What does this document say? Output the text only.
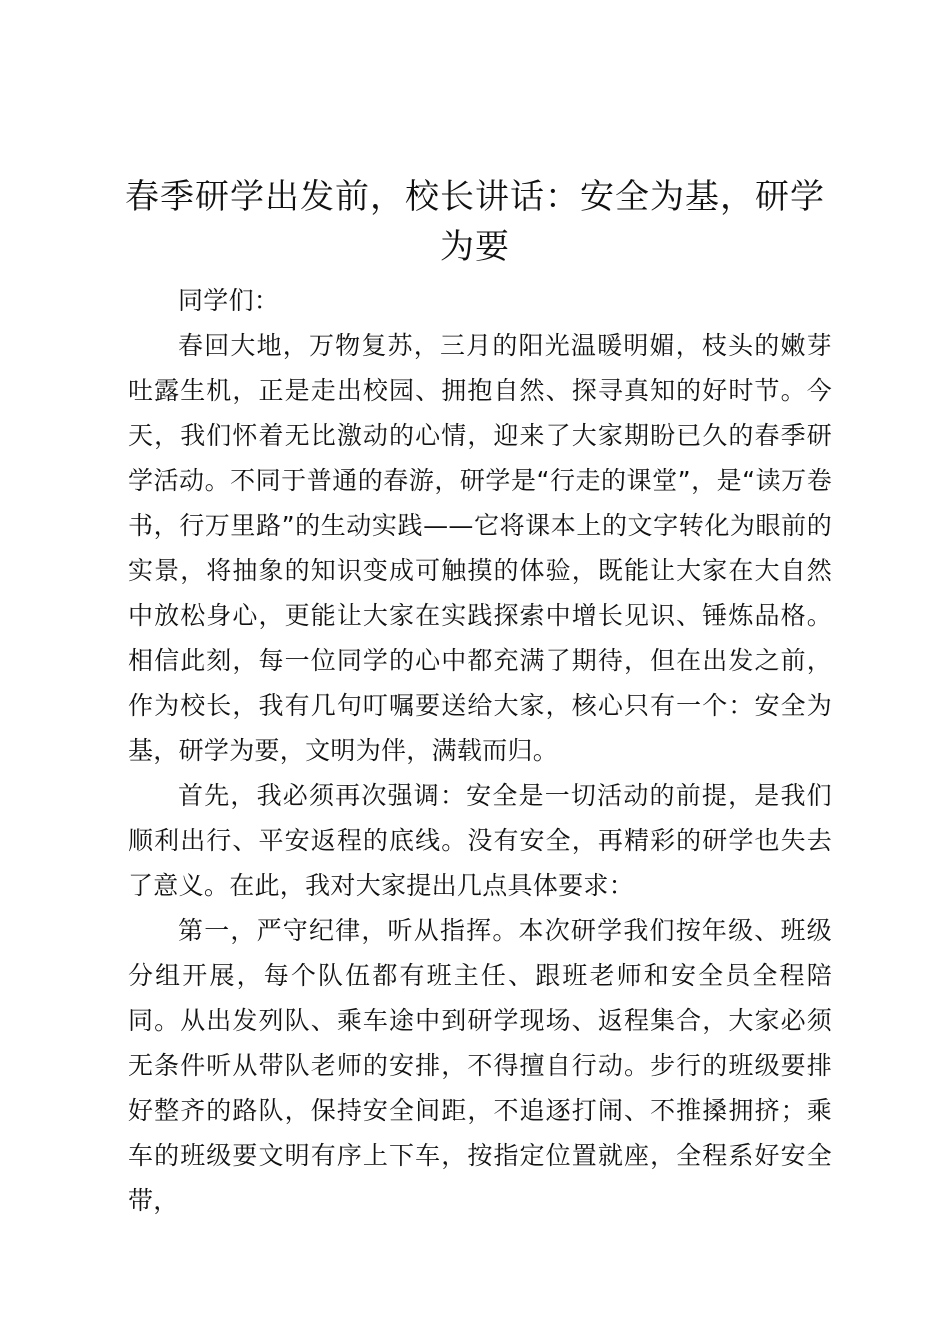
春季研学出发前，校长讲话：安全为基，研学为要

同学们：

春回大地，万物复苏，三月的阳光温暖明媚，枝头的嫩芽吐露生机，正是走出校园、拥抱自然、探寻真知的好时节。今天，我们怀着无比激动的心情，迎来了大家期盼已久的春季研学活动。不同于普通的春游，研学是“行走的课堂”，是“读万卷书，行万里路”的生动实践——它将课本上的文字转化为眼前的实景，将抽象的知识变成可触摸的体验，既能让大家在大自然中放松身心，更能让大家在实践探索中增长见识、锤炼品格。相信此刻，每一位同学的心中都充满了期待，但在出发之前，作为校长，我有几句叮嘱要送给大家，核心只有一个：安全为基，研学为要，文明为伴，满载而归。

首先，我必须再次强调：安全是一切活动的前提，是我们顺利出行、平安返程的底线。没有安全，再精彩的研学也失去了意义。在此，我对大家提出几点具体要求：

第一，严守纪律，听从指挥。本次研学我们按年级、班级分组开展，每个队伍都有班主任、跟班老师和安全员全程陪同。从出发列队、乘车途中到研学现场、返程集合，大家必须无条件听从带队老师的安排，不得擅自行动。步行的班级要排好整齐的路队，保持安全间距，不追逐打闹、不推搡拥挤；乘车的班级要文明有序上下车，按指定位置就座，全程系好安全带，
